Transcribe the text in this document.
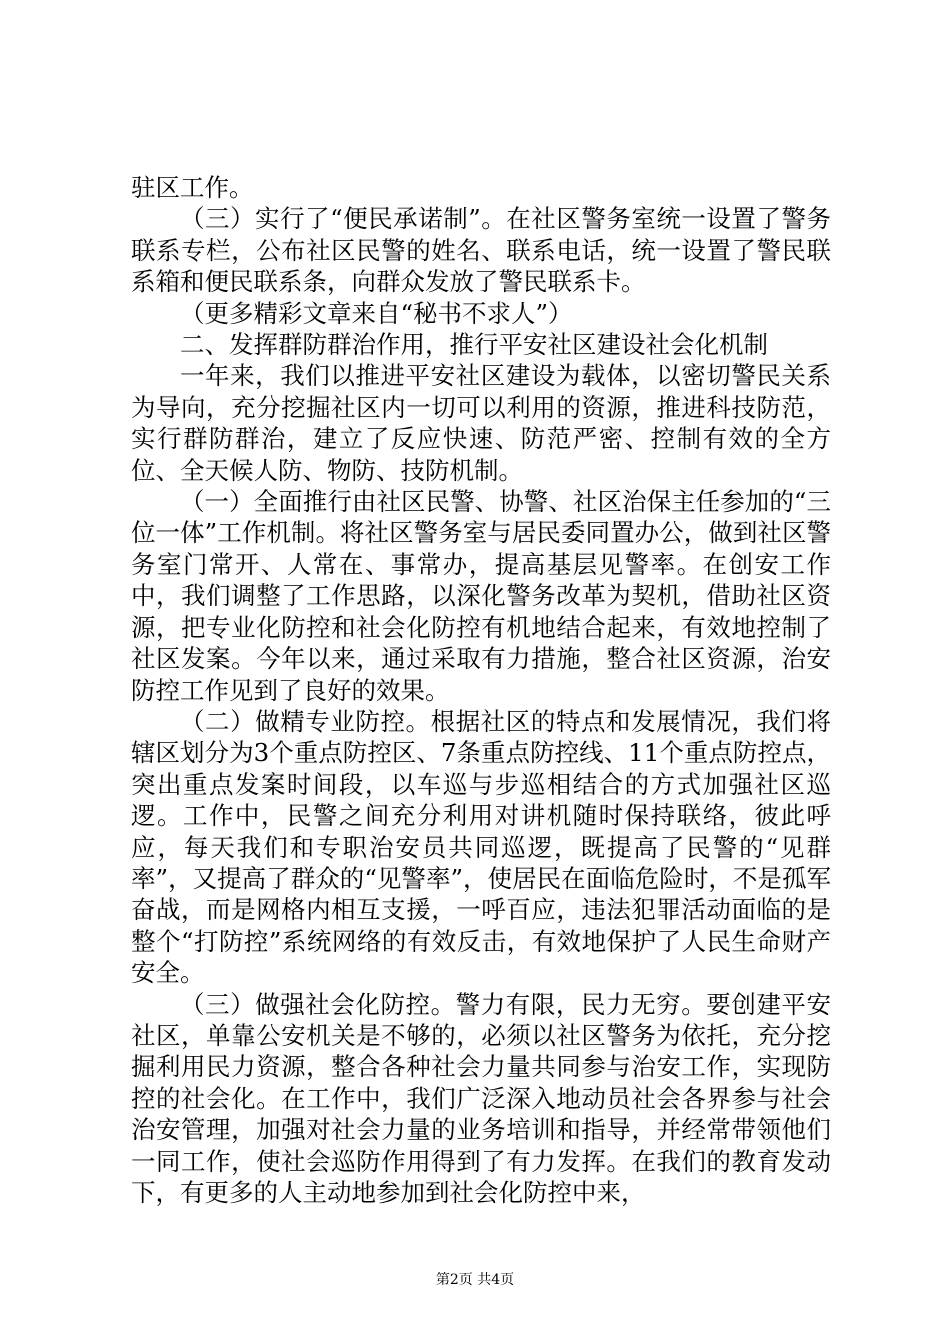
驻区工作。

（三）实行了“便民承诺制”。在社区警务室统一设置了警务联系专栏，公布社区民警的姓名、联系电话，统一设置了警民联系箱和便民联系条，向群众发放了警民联系卡。

（更多精彩文章来自“秘书不求人”）

二、发挥群防群治作用，推行平安社区建设社会化机制

一年来，我们以推进平安社区建设为载体，以密切警民关系为导向，充分挖掘社区内一切可以利用的资源，推进科技防范，实行群防群治，建立了反应快速、防范严密、控制有效的全方位、全天候人防、物防、技防机制。

（一）全面推行由社区民警、协警、社区治保主任参加的“三位一体”工作机制。将社区警务室与居民委同置办公，做到社区警务室门常开、人常在、事常办，提高基层见警率。在创安工作中，我们调整了工作思路，以深化警务改革为契机，借助社区资源，把专业化防控和社会化防控有机地结合起来，有效地控制了社区发案。今年以来，通过采取有力措施，整合社区资源，治安防控工作见到了良好的效果。

（二）做精专业防控。根据社区的特点和发展情况，我们将辖区划分为3个重点防控区、7条重点防控线、11个重点防控点，突出重点发案时间段，以车巡与步巡相结合的方式加强社区巡逻。工作中，民警之间充分利用对讲机随时保持联络，彼此呼应，每天我们和专职治安员共同巡逻，既提高了民警的“见群率”，又提高了群众的“见警率”，使居民在面临危险时，不是孤军奋战，而是网格内相互支援，一呼百应，违法犯罪活动面临的是整个“打防控”系统网络的有效反击，有效地保护了人民生命财产安全。

（三）做强社会化防控。警力有限，民力无穷。要创建平安社区，单靠公安机关是不够的，必须以社区警务为依托，充分挖掘利用民力资源，整合各种社会力量共同参与治安工作，实现防控的社会化。在工作中，我们广泛深入地动员社会各界参与社会治安管理，加强对社会力量的业务培训和指导，并经常带领他们一同工作，使社会巡防作用得到了有力发挥。在我们的教育发动下，有更多的人主动地参加到社会化防控中来，

第2页 共4页
